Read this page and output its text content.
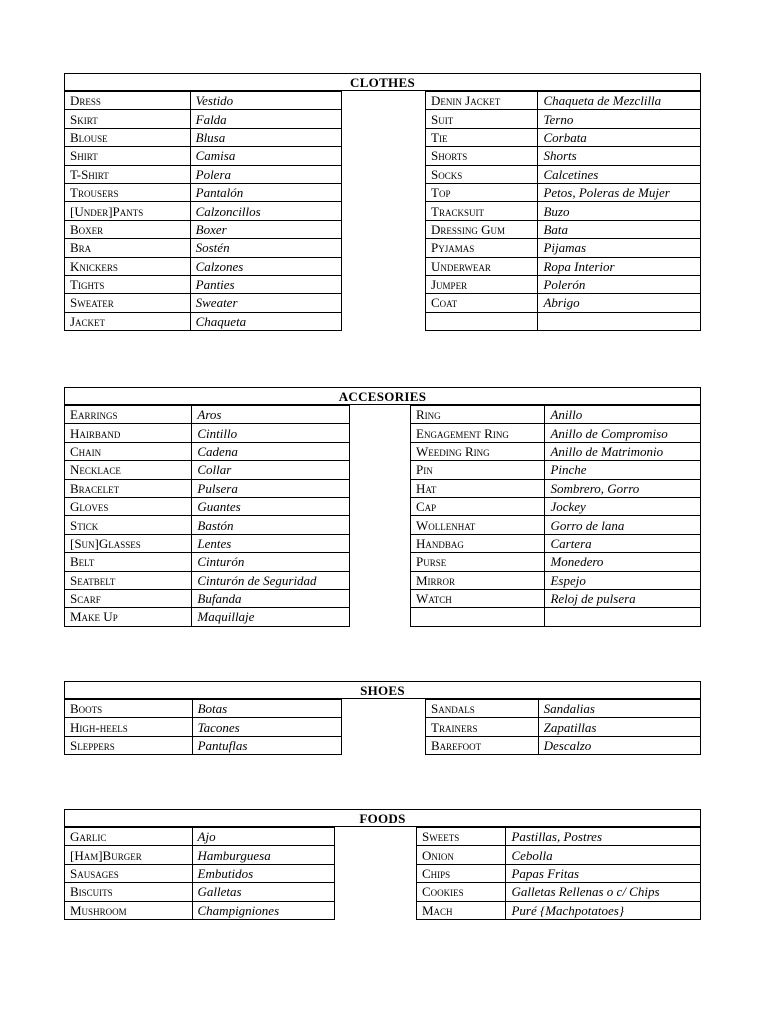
CLOTHES
Dress	Vestido
Skirt	Falda
Blouse	Blusa
Shirt	Camisa
T-Shirt	Polera
Trousers	Pantalón
[Under]Pants	Calzoncillos
Boxer	Boxer
Bra	Sostén
Knickers	Calzones
Tights	Panties
Sweater	Sweater
Jacket	Chaqueta
Denin Jacket	Chaqueta de Mezclilla
Suit	Terno
Tie	Corbata
Shorts	Shorts
Socks	Calcetines
Top	Petos, Poleras de Mujer
Tracksuit	Buzo
Dressing Gum	Bata
Pyjamas	Pijamas
Underwear	Ropa Interior
Jumper	Polerón
Coat	Abrigo

ACCESORIES
Earrings	Aros
Hairband	Cintillo
Chain	Cadena
Necklace	Collar
Bracelet	Pulsera
Gloves	Guantes
Stick	Bastón
[Sun]Glasses	Lentes
Belt	Cinturón
Seatbelt	Cinturón de Seguridad
Scarf	Bufanda
Make Up	Maquillaje
Ring	Anillo
Engagement Ring	Anillo de Compromiso
Weeding Ring	Anillo de Matrimonio
Pin	Pinche
Hat	Sombrero, Gorro
Cap	Jockey
Wollenhat	Gorro de lana
Handbag	Cartera
Purse	Monedero
Mirror	Espejo
Watch	Reloj de pulsera

SHOES
Boots	Botas
High-heels	Tacones
Sleppers	Pantuflas
Sandals	Sandalias
Trainers	Zapatillas
Barefoot	Descalzo
FOODS
Garlic	Ajo
[Ham]Burger	Hamburguesa
Sausages	Embutidos
Biscuits	Galletas
Mushroom	Champigniones
Sweets	Pastillas, Postres
Onion	Cebolla
Chips	Papas Fritas
Cookies	Galletas Rellenas o c/ Chips
Mach	Puré {Machpotatoes}
